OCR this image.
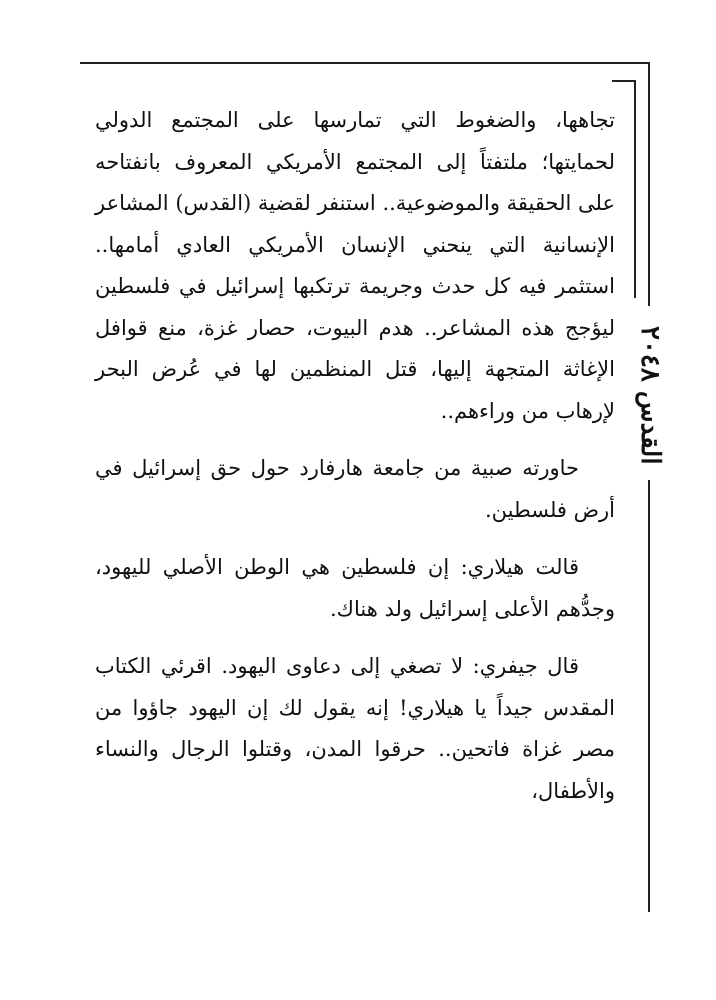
القدس ٢٠٤٨

تجاهها، والضغوط التي تمارسها على المجتمع الدولي لحمايتها؛ ملتفتاً إلى المجتمع الأمريكي المعروف بانفتاحه على الحقيقة والموضوعية.. استنفر لقضية (القدس) المشاعر الإنسانية التي ينحني الإنسان الأمريكي العادي أمامها.. استثمر فيه كل حدث وجريمة ترتكبها إسرائيل في فلسطين ليؤجج هذه المشاعر.. هدم البيوت، حصار غزة، منع قوافل الإغاثة المتجهة إليها، قتل المنظمين لها في عُرض البحر لإرهاب من وراءهم..

حاورته صبية من جامعة هارفارد حول حق إسرائيل في أرض فلسطين.

قالت هيلاري: إن فلسطين هي الوطن الأصلي لليهود، وجدُّهم الأعلى إسرائيل ولد هناك.

قال جيفري: لا تصغي إلى دعاوى اليهود. اقرئي الكتاب المقدس جيداً يا هيلاري! إنه يقول لك إن اليهود جاؤوا من مصر غزاة فاتحين.. حرقوا المدن، وقتلوا الرجال والنساء والأطفال،
